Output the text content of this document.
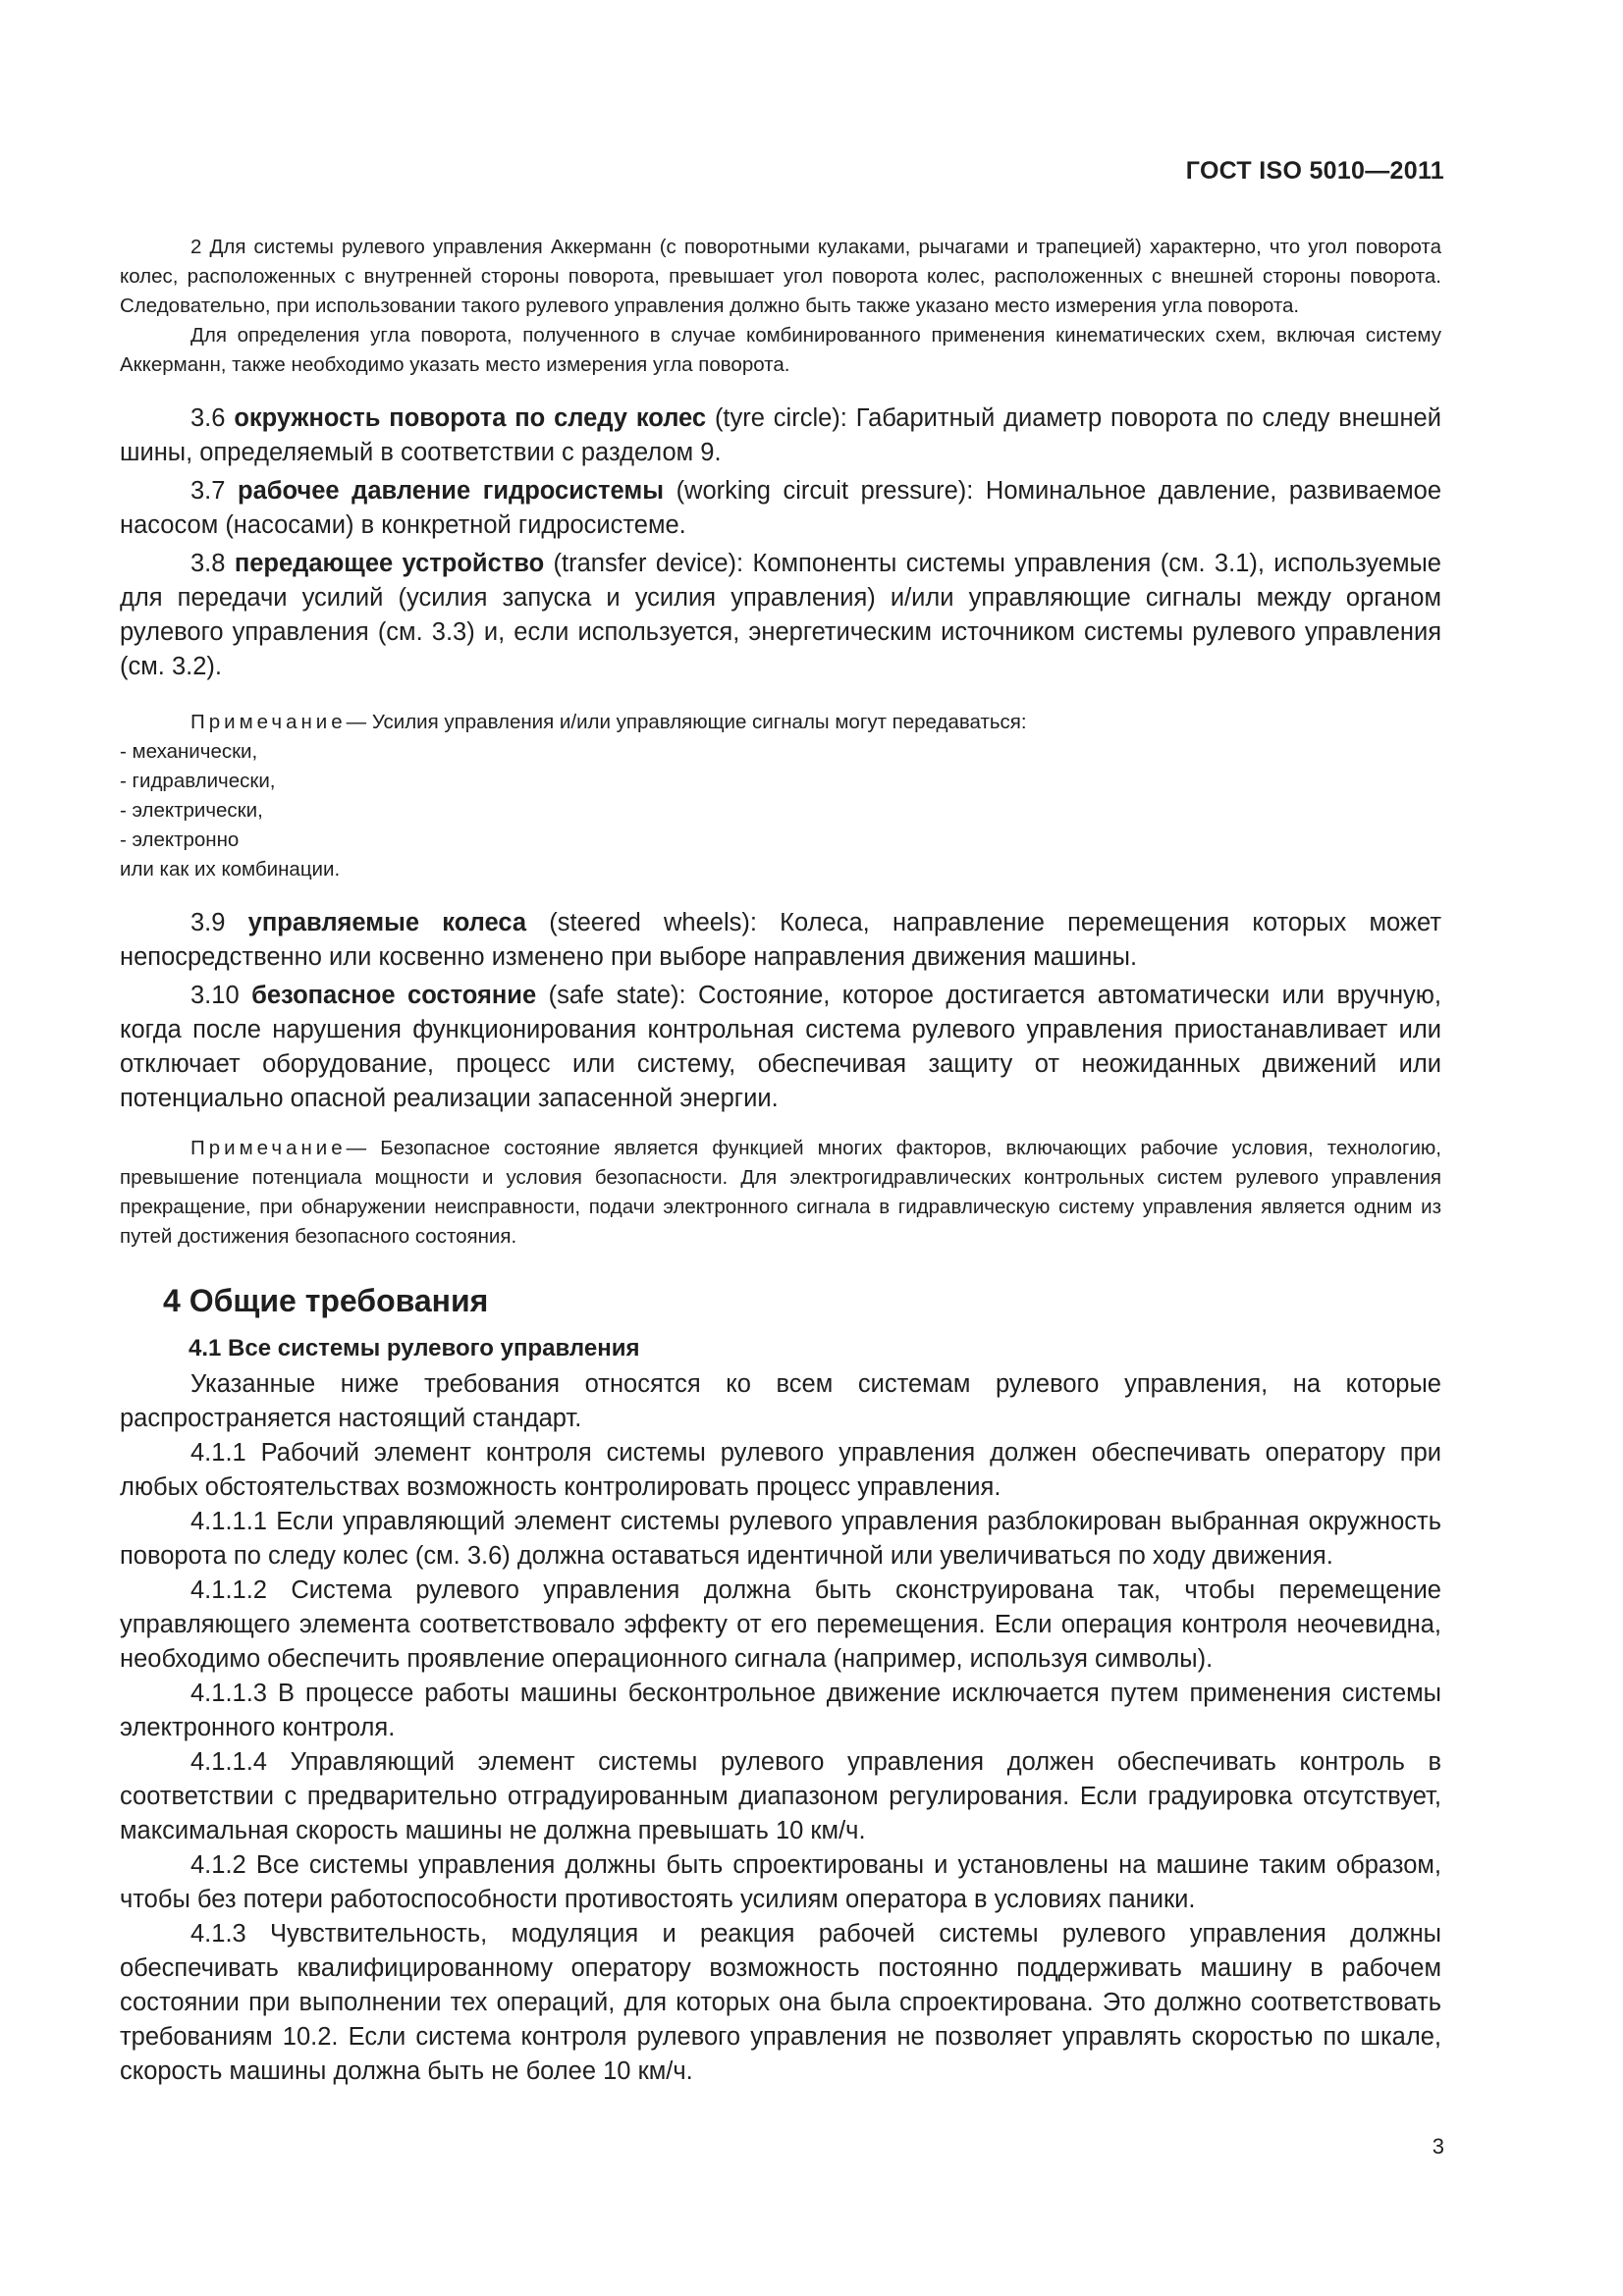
ГОСТ ISO 5010—2011

2 Для системы рулевого управления Аккерманн (с поворотными кулаками, рычагами и трапецией) характерно, что угол поворота колес, расположенных с внутренней стороны поворота, превышает угол поворота колес, расположенных с внешней стороны поворота. Следовательно, при использовании такого рулевого управления должно быть также указано место измерения угла поворота.

Для определения угла поворота, полученного в случае комбинированного применения кинематических схем, включая систему Аккерманн, также необходимо указать место измерения угла поворота.

3.6 окружность поворота по следу колес (tyre circle): Габаритный диаметр поворота по следу внешней шины, определяемый в соответствии с разделом 9.

3.7 рабочее давление гидросистемы (working circuit pressure): Номинальное давление, развиваемое насосом (насосами) в конкретной гидросистеме.

3.8 передающее устройство (transfer device): Компоненты системы управления (см. 3.1), используемые для передачи усилий (усилия запуска и усилия управления) и/или управляющие сигналы между органом рулевого управления (см. 3.3) и, если используется, энергетическим источником системы рулевого управления (см. 3.2).

Примечание— Усилия управления и/или управляющие сигналы могут передаваться:

- механически,

- гидравлически,

- электрически,

- электронно

или как их комбинации.

3.9 управляемые колеса (steered wheels): Колеса, направление перемещения которых может непосредственно или косвенно изменено при выборе направления движения машины.

3.10 безопасное состояние (safe state): Состояние, которое достигается автоматически или вручную, когда после нарушения функционирования контрольная система рулевого управления приостанавливает или отключает оборудование, процесс или систему, обеспечивая защиту от неожиданных движений или потенциально опасной реализации запасенной энергии.

Примечание— Безопасное состояние является функцией многих факторов, включающих рабочие условия, технологию, превышение потенциала мощности и условия безопасности. Для электрогидравлических контрольных систем рулевого управления прекращение, при обнаружении неисправности, подачи электронного сигнала в гидравлическую систему управления является одним из путей достижения безопасного состояния.

4 Общие требования
4.1 Все системы рулевого управления

Указанные ниже требования относятся ко всем системам рулевого управления, на которые распространяется настоящий стандарт.

4.1.1 Рабочий элемент контроля системы рулевого управления должен обеспечивать оператору при любых обстоятельствах возможность контролировать процесс управления.

4.1.1.1 Если управляющий элемент системы рулевого управления разблокирован выбранная окружность поворота по следу колес (см. 3.6) должна оставаться идентичной или увеличиваться по ходу движения.

4.1.1.2 Система рулевого управления должна быть сконструирована так, чтобы перемещение управляющего элемента соответствовало эффекту от его перемещения. Если операция контроля неочевидна, необходимо обеспечить проявление операционного сигнала (например, используя символы).

4.1.1.3 В процессе работы машины бесконтрольное движение исключается путем применения системы электронного контроля.

4.1.1.4 Управляющий элемент системы рулевого управления должен обеспечивать контроль в соответствии с предварительно отградуированным диапазоном регулирования. Если градуировка отсутствует, максимальная скорость машины не должна превышать 10 км/ч.

4.1.2 Все системы управления должны быть спроектированы и установлены на машине таким образом, чтобы без потери работоспособности противостоять усилиям оператора в условиях паники.

4.1.3 Чувствительность, модуляция и реакция рабочей системы рулевого управления должны обеспечивать квалифицированному оператору возможность постоянно поддерживать машину в рабочем состоянии при выполнении тех операций, для которых она была спроектирована. Это должно соответствовать требованиям 10.2. Если система контроля рулевого управления не позволяет управлять скоростью по шкале, скорость машины должна быть не более 10 км/ч.

3
